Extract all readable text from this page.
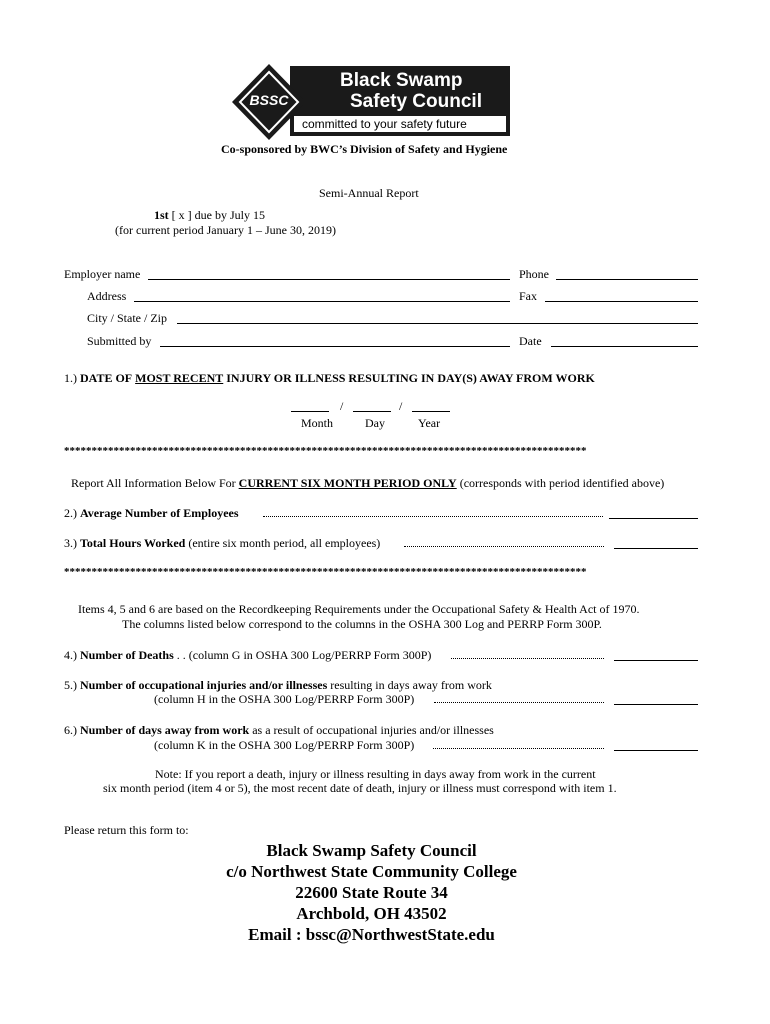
BSSC
Black Swamp
Safety Council
committed to your safety future
Co-sponsored by BWC’s Division of Safety and Hygiene
Semi-Annual Report
1st [ x ] due by July 15
(for current period January 1 – June 30, 2019)
Employer name	Phone
Address	Fax
City / State / Zip
Submitted by	Date
1.) DATE OF MOST RECENT INJURY OR ILLNESS RESULTING IN DAY(S) AWAY FROM WORK
/	/
Month	Day	Year
***********************************************************************************************
Report All Information Below For CURRENT SIX MONTH PERIOD ONLY (corresponds with period identified above)
2.) Average Number of Employees
3.) Total Hours Worked (entire six month period, all employees)
***********************************************************************************************
Items 4, 5 and 6 are based on the Recordkeeping Requirements under the Occupational Safety & Health Act of 1970.
The columns listed below correspond to the columns in the OSHA 300 Log and PERRP Form 300P.
4.) Number of Deaths . . (column G in OSHA 300 Log/PERRP Form 300P)
5.) Number of occupational injuries and/or illnesses resulting in days away from work
(column H in the OSHA 300 Log/PERRP Form 300P)
6.) Number of days away from work as a result of occupational injuries and/or illnesses
(column K in the OSHA 300 Log/PERRP Form 300P)
Note: If you report a death, injury or illness resulting in days away from work in the current
six month period (item 4 or 5), the most recent date of death, injury or illness must correspond with item 1.
Please return this form to:
Black Swamp Safety Council
c/o Northwest State Community College
22600 State Route 34
Archbold, OH 43502
Email : bssc@NorthwestState.edu
